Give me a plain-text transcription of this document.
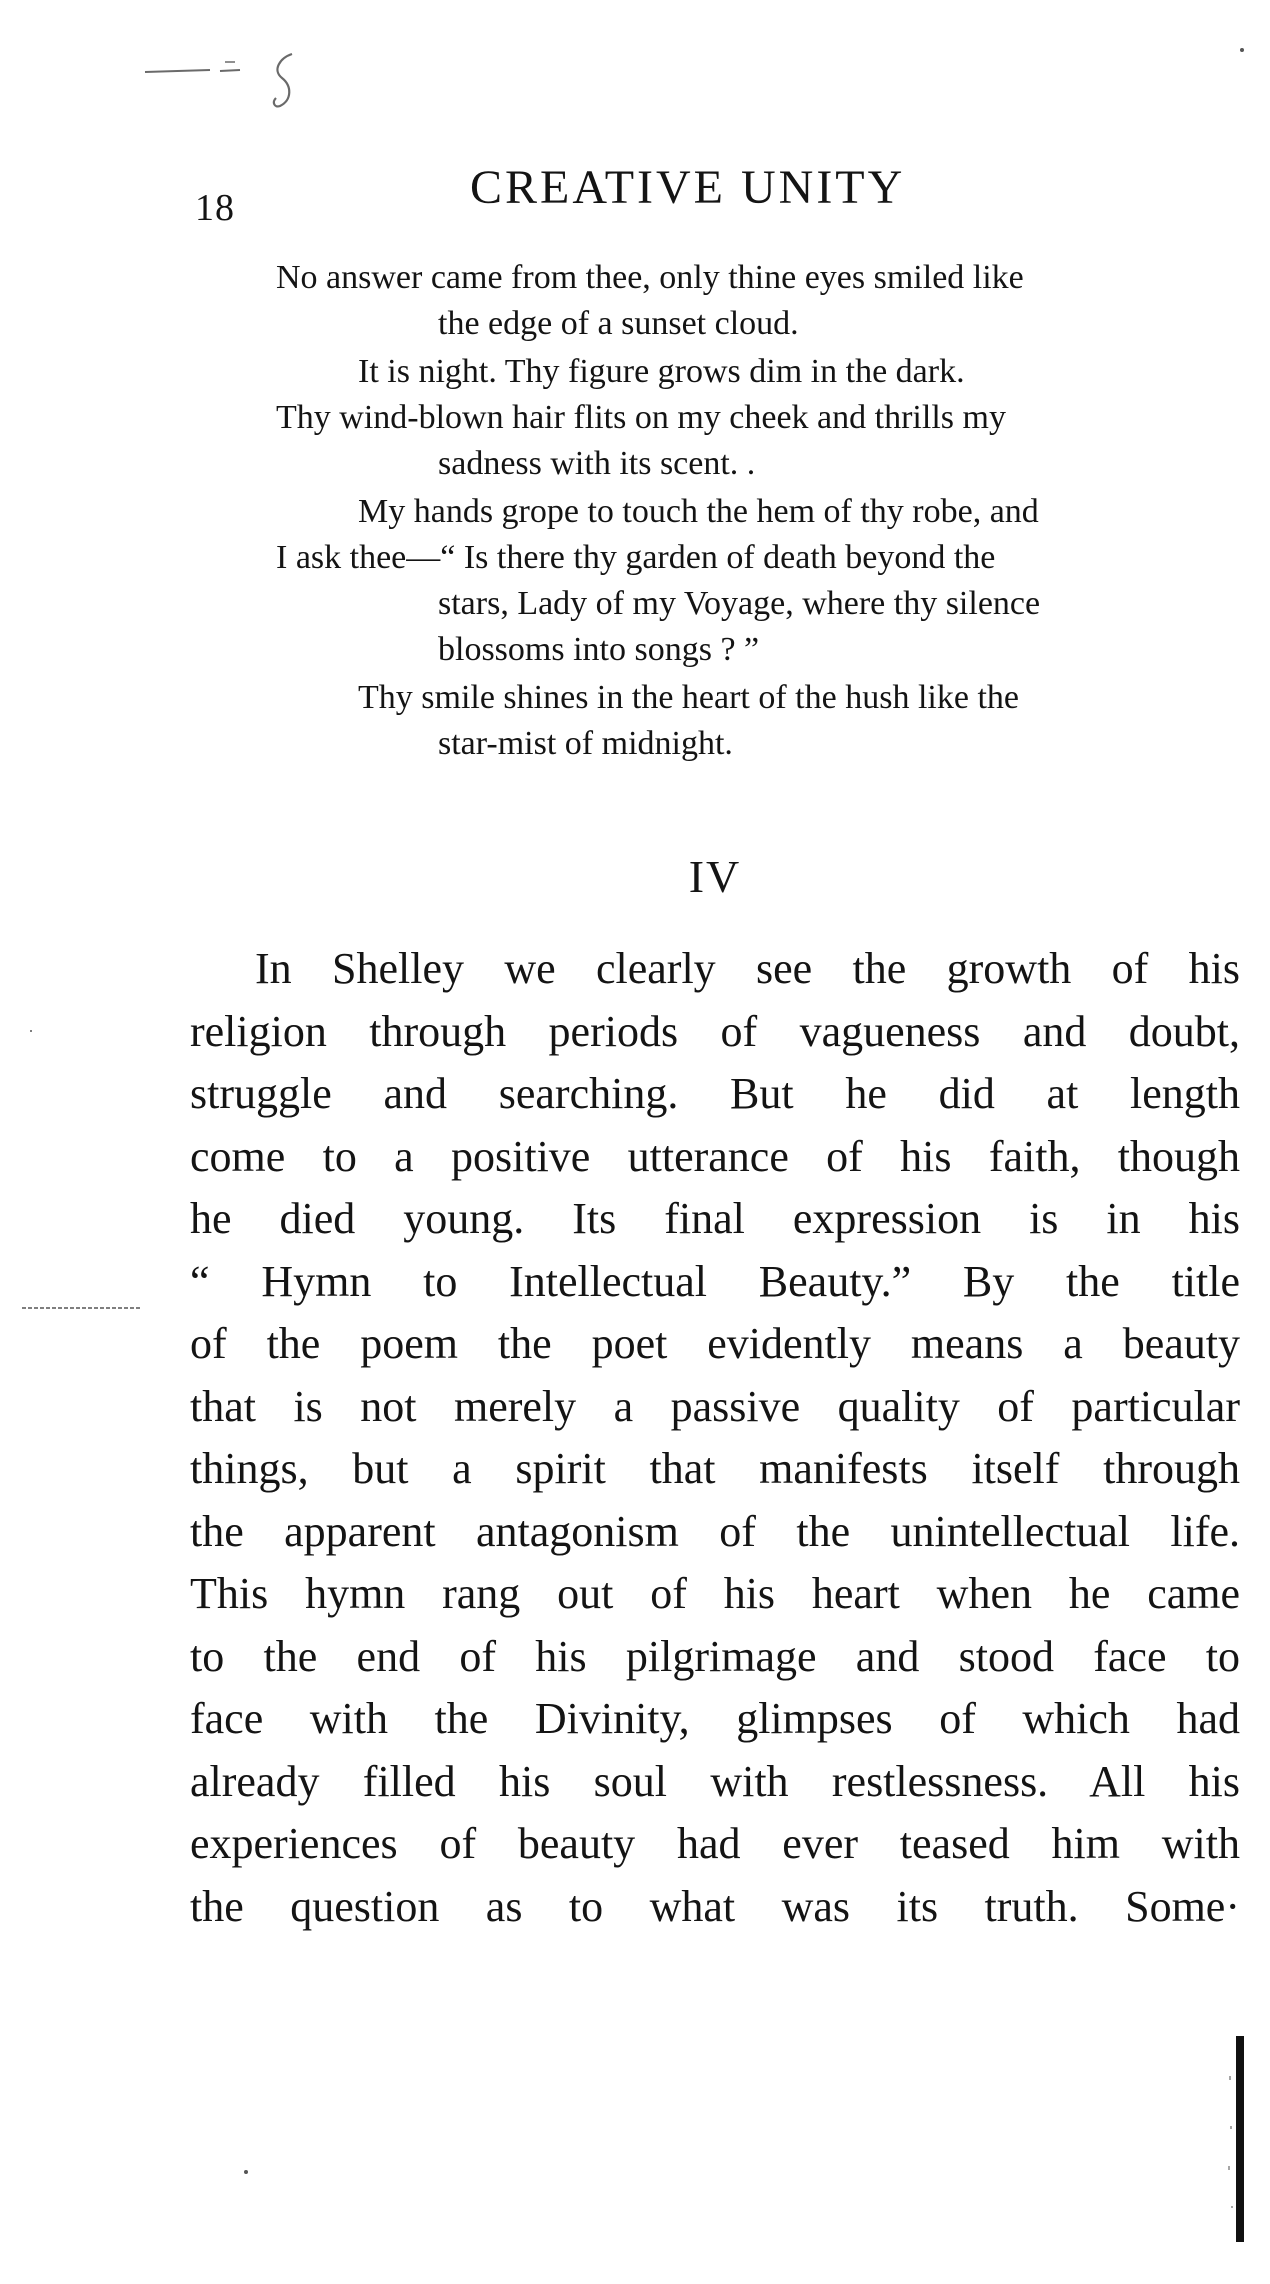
18	CREATIVE UNITY
No answer came from thee, only thine eyes smiled like
the edge of a sunset cloud.
It is night. Thy figure grows dim in the dark.
Thy wind-blown hair flits on my cheek and thrills my
sadness with its scent. .
My hands grope to touch the hem of thy robe, and
I ask thee—“ Is there thy garden of death beyond the
stars, Lady of my Voyage, where thy silence
blossoms into songs ? ”
Thy smile shines in the heart of the hush like the
star-mist of midnight.
IV
In Shelley we clearly see the growth of his
religion through periods of vagueness and doubt,
struggle and searching. But he did at length
come to a positive utterance of his faith, though
he died young. Its final expression is in his
“ Hymn to Intellectual Beauty.” By the title
of the poem the poet evidently means a beauty
that is not merely a passive quality of particular
things, but a spirit that manifests itself through
the apparent antagonism of the unintellectual life.
This hymn rang out of his heart when he came
to the end of his pilgrimage and stood face to
face with the Divinity, glimpses of which had
already filled his soul with restlessness. All his
experiences of beauty had ever teased him with
the question as to what was its truth. Some·
